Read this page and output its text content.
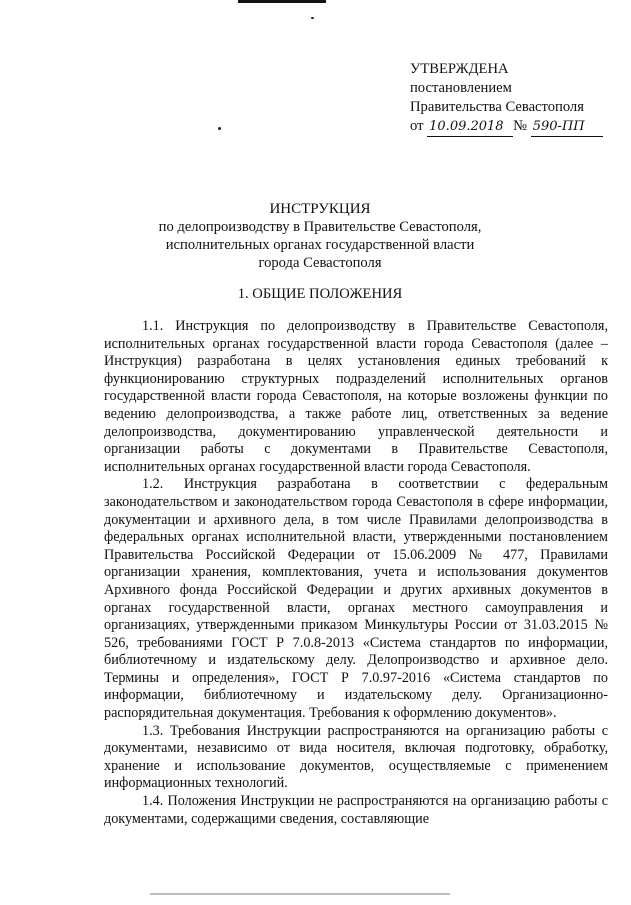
УТВЕРЖДЕНА
постановлением
Правительства Севастополя
от 10.09.2018 № 590-ПП
ИНСТРУКЦИЯ
по делопроизводству в Правительстве Севастополя,
исполнительных органах государственной власти
города Севастополя
1. ОБЩИЕ ПОЛОЖЕНИЯ

1.1. Инструкция по делопроизводству в Правительстве Севастополя, исполнительных органах государственной власти города Севастополя (далее – Инструкция) разработана в целях установления единых требований к функционированию структурных подразделений исполнительных органов государственной власти города Севастополя, на которые возложены функции по ведению делопроизводства, а также работе лиц, ответственных за ведение делопроизводства, документированию управленческой деятельности и организации работы с документами в Правительстве Севастополя, исполнительных органах государственной власти города Севастополя.

1.2. Инструкция разработана в соответствии с федеральным законодательством и законодательством города Севастополя в сфере информации, документации и архивного дела, в том числе Правилами делопроизводства в федеральных органах исполнительной власти, утвержденными постановлением Правительства Российской Федерации от 15.06.2009 № 477, Правилами организации хранения, комплектования, учета и использования документов Архивного фонда Российской Федерации и других архивных документов в органах государственной власти, органах местного самоуправления и организациях, утвержденными приказом Минкультуры России от 31.03.2015 № 526, требованиями ГОСТ Р 7.0.8-2013 «Система стандартов по информации, библиотечному и издательскому делу. Делопроизводство и архивное дело. Термины и определения», ГОСТ Р 7.0.97-2016 «Система стандартов по информации, библиотечному и издательскому делу. Организационно-распорядительная документация. Требования к оформлению документов».

1.3. Требования Инструкции распространяются на организацию работы с документами, независимо от вида носителя, включая подготовку, обработку, хранение и использование документов, осуществляемые с применением информационных технологий.

1.4. Положения Инструкции не распространяются на организацию работы с документами, содержащими сведения, составляющие
